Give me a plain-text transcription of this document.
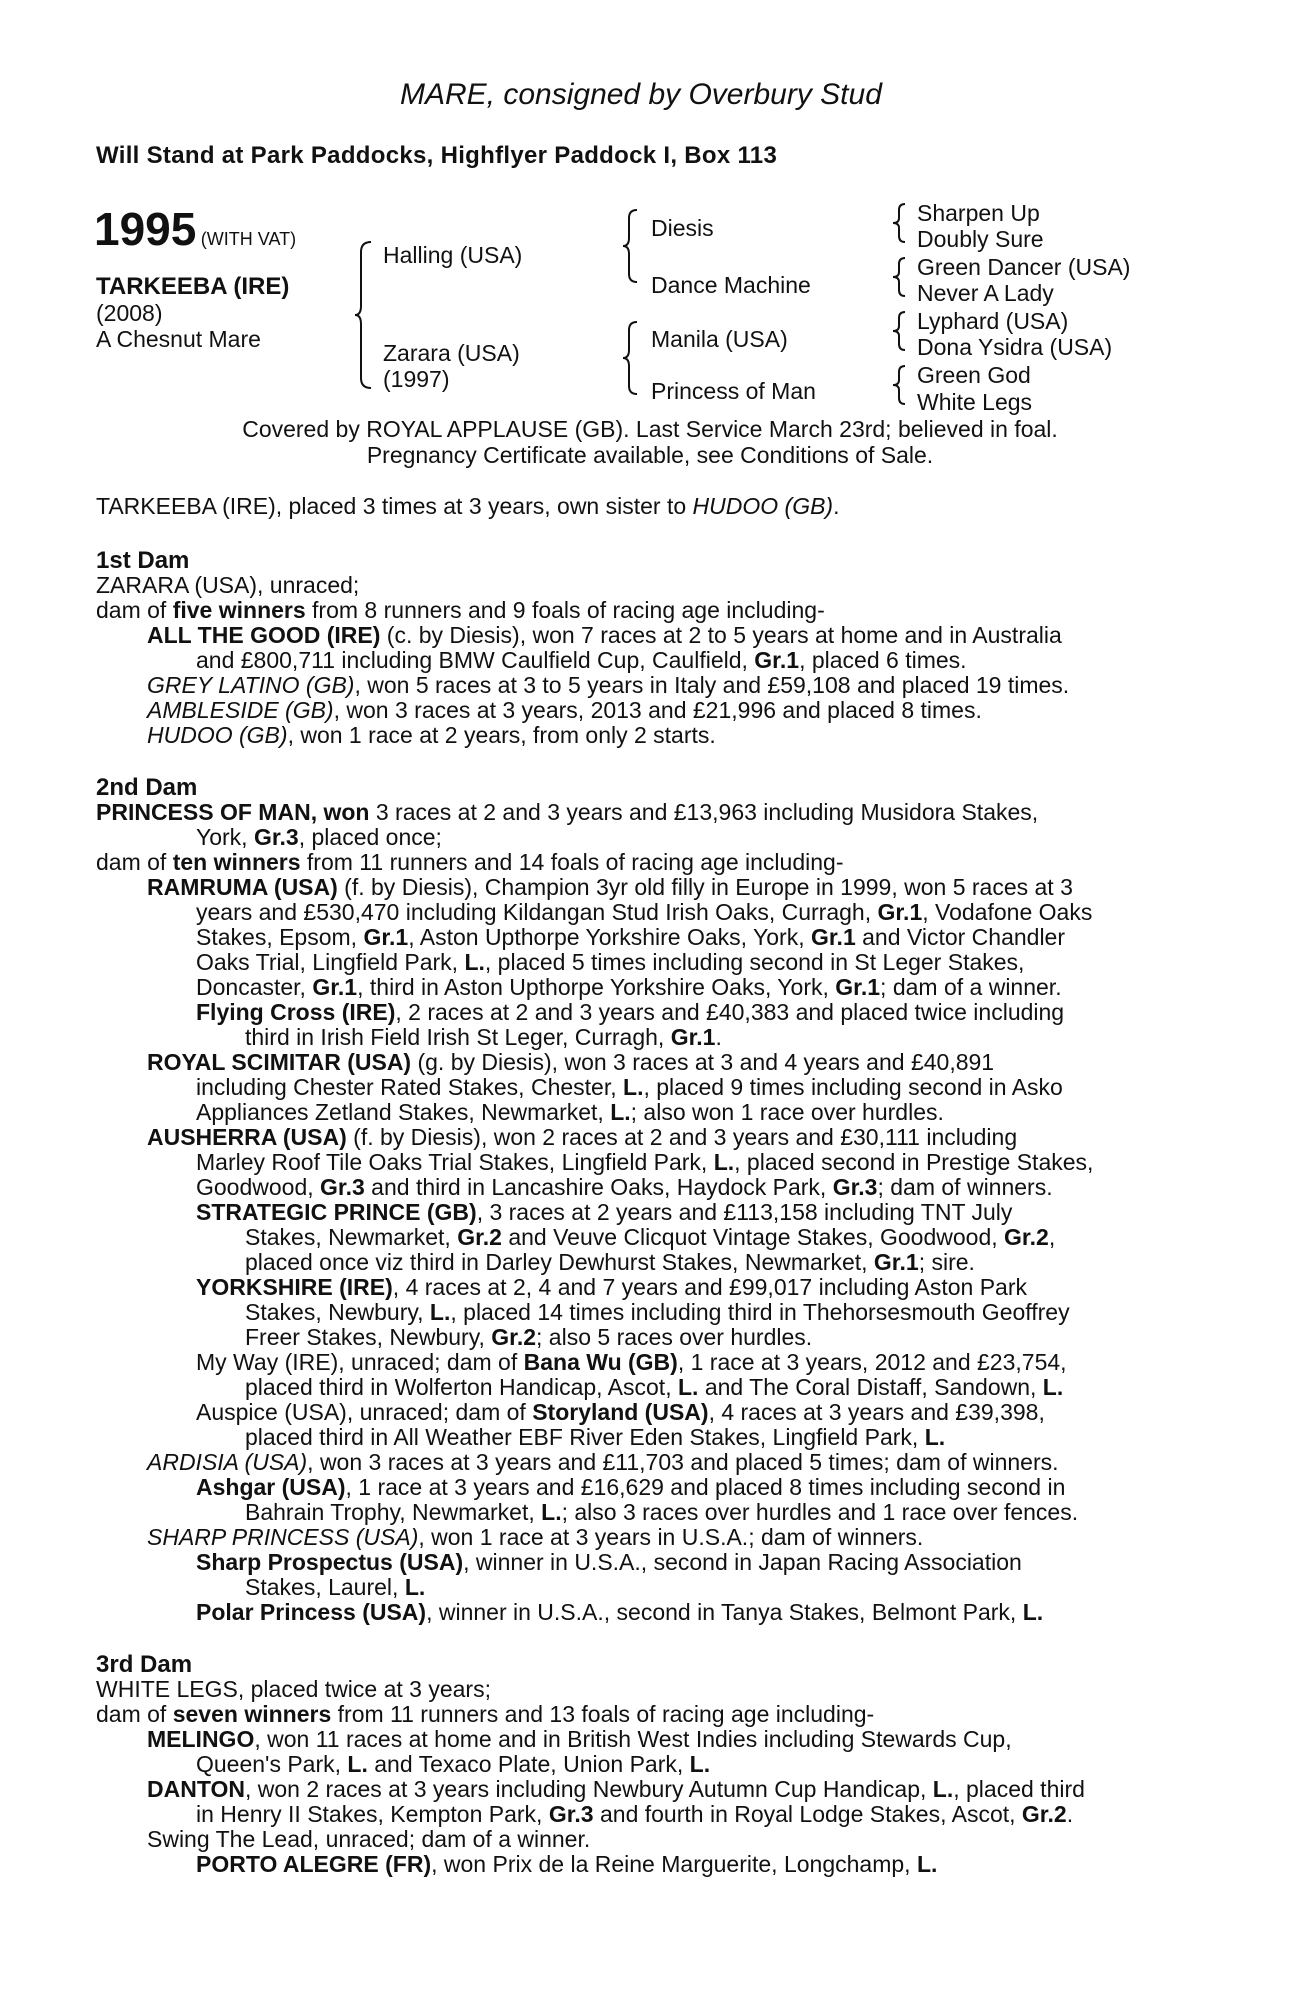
MARE, consigned by Overbury Stud
Will Stand at Park Paddocks, Highflyer Paddock I, Box 113
1995 (WITH VAT)
TARKEEBA (IRE)
(2008)
A Chesnut Mare
Halling (USA)
Zarara (USA)
(1997)
Diesis
Dance Machine
Manila (USA)
Princess of Man
Sharpen Up
Doubly Sure
Green Dancer (USA)
Never A Lady
Lyphard (USA)
Dona Ysidra (USA)
Green God
White Legs
Covered by ROYAL APPLAUSE (GB). Last Service March 23rd; believed in foal.
Pregnancy Certificate available, see Conditions of Sale.
TARKEEBA (IRE), placed 3 times at 3 years, own sister to HUDOO (GB).
1st Dam
ZARARA (USA), unraced;
dam of five winners from 8 runners and 9 foals of racing age including-
ALL THE GOOD (IRE) (c. by Diesis), won 7 races at 2 to 5 years at home and in Australia
and £800,711 including BMW Caulfield Cup, Caulfield, Gr.1, placed 6 times.
GREY LATINO (GB), won 5 races at 3 to 5 years in Italy and £59,108 and placed 19 times.
AMBLESIDE (GB), won 3 races at 3 years, 2013 and £21,996 and placed 8 times.
HUDOO (GB), won 1 race at 2 years, from only 2 starts.
2nd Dam
PRINCESS OF MAN, won 3 races at 2 and 3 years and £13,963 including Musidora Stakes,
York, Gr.3, placed once;
dam of ten winners from 11 runners and 14 foals of racing age including-
RAMRUMA (USA) (f. by Diesis), Champion 3yr old filly in Europe in 1999, won 5 races at 3
years and £530,470 including Kildangan Stud Irish Oaks, Curragh, Gr.1, Vodafone Oaks
Stakes, Epsom, Gr.1, Aston Upthorpe Yorkshire Oaks, York, Gr.1 and Victor Chandler
Oaks Trial, Lingfield Park, L., placed 5 times including second in St Leger Stakes,
Doncaster, Gr.1, third in Aston Upthorpe Yorkshire Oaks, York, Gr.1; dam of a winner.
Flying Cross (IRE), 2 races at 2 and 3 years and £40,383 and placed twice including
third in Irish Field Irish St Leger, Curragh, Gr.1.
ROYAL SCIMITAR (USA) (g. by Diesis), won 3 races at 3 and 4 years and £40,891
including Chester Rated Stakes, Chester, L., placed 9 times including second in Asko
Appliances Zetland Stakes, Newmarket, L.; also won 1 race over hurdles.
AUSHERRA (USA) (f. by Diesis), won 2 races at 2 and 3 years and £30,111 including
Marley Roof Tile Oaks Trial Stakes, Lingfield Park, L., placed second in Prestige Stakes,
Goodwood, Gr.3 and third in Lancashire Oaks, Haydock Park, Gr.3; dam of winners.
STRATEGIC PRINCE (GB), 3 races at 2 years and £113,158 including TNT July
Stakes, Newmarket, Gr.2 and Veuve Clicquot Vintage Stakes, Goodwood, Gr.2,
placed once viz third in Darley Dewhurst Stakes, Newmarket, Gr.1; sire.
YORKSHIRE (IRE), 4 races at 2, 4 and 7 years and £99,017 including Aston Park
Stakes, Newbury, L., placed 14 times including third in Thehorsesmouth Geoffrey
Freer Stakes, Newbury, Gr.2; also 5 races over hurdles.
My Way (IRE), unraced; dam of Bana Wu (GB), 1 race at 3 years, 2012 and £23,754,
placed third in Wolferton Handicap, Ascot, L. and The Coral Distaff, Sandown, L.
Auspice (USA), unraced; dam of Storyland (USA), 4 races at 3 years and £39,398,
placed third in All Weather EBF River Eden Stakes, Lingfield Park, L.
ARDISIA (USA), won 3 races at 3 years and £11,703 and placed 5 times; dam of winners.
Ashgar (USA), 1 race at 3 years and £16,629 and placed 8 times including second in
Bahrain Trophy, Newmarket, L.; also 3 races over hurdles and 1 race over fences.
SHARP PRINCESS (USA), won 1 race at 3 years in U.S.A.; dam of winners.
Sharp Prospectus (USA), winner in U.S.A., second in Japan Racing Association
Stakes, Laurel, L.
Polar Princess (USA), winner in U.S.A., second in Tanya Stakes, Belmont Park, L.
3rd Dam
WHITE LEGS, placed twice at 3 years;
dam of seven winners from 11 runners and 13 foals of racing age including-
MELINGO, won 11 races at home and in British West Indies including Stewards Cup,
Queen's Park, L. and Texaco Plate, Union Park, L.
DANTON, won 2 races at 3 years including Newbury Autumn Cup Handicap, L., placed third
in Henry II Stakes, Kempton Park, Gr.3 and fourth in Royal Lodge Stakes, Ascot, Gr.2.
Swing The Lead, unraced; dam of a winner.
PORTO ALEGRE (FR), won Prix de la Reine Marguerite, Longchamp, L.
